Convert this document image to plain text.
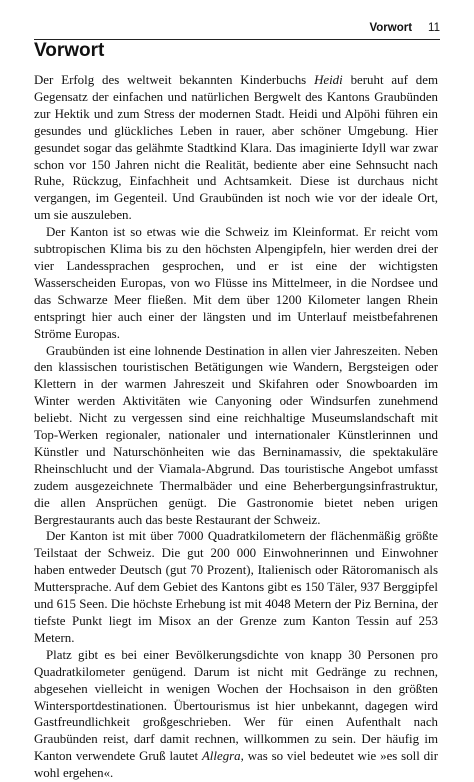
Vorwort 11
Vorwort

Der Erfolg des weltweit bekannten Kinderbuchs Heidi beruht auf dem Gegensatz der einfachen und natürlichen Bergwelt des Kantons Graubünden zur Hektik und zum Stress der modernen Stadt. Heidi und Alpöhi führen ein gesundes und glückliches Leben in rauer, aber schöner Umgebung. Hier gesundet sogar das gelähmte Stadtkind Klara. Das imaginierte Idyll war zwar schon vor 150 Jahren nicht die Realität, bediente aber eine Sehnsucht nach Ruhe, Rückzug, Einfachheit und Achtsamkeit. Diese ist durchaus nicht vergangen, im Gegenteil. Und Graubünden ist noch wie vor der ideale Ort, um sie auszuleben.

Der Kanton ist so etwas wie die Schweiz im Kleinformat. Er reicht vom subtropischen Klima bis zu den höchsten Alpengipfeln, hier werden drei der vier Landessprachen gesprochen, und er ist eine der wichtigsten Wasserscheiden Europas, von wo Flüsse ins Mittelmeer, in die Nordsee und das Schwarze Meer fließen. Mit dem über 1200 Kilometer langen Rhein entspringt hier auch einer der längsten und im Unterlauf meistbefahrenen Ströme Europas.

Graubünden ist eine lohnende Destination in allen vier Jahreszeiten. Neben den klassischen touristischen Betätigungen wie Wandern, Bergsteigen oder Klettern in der warmen Jahreszeit und Skifahren oder Snowboarden im Winter werden Aktivitäten wie Canyoning oder Windsurfen zunehmend beliebt. Nicht zu vergessen sind eine reichhaltige Museumslandschaft mit Top-Werken regionaler, nationaler und internationaler Künstlerinnen und Künstler und Naturschönheiten wie das Berninamassiv, die spektakuläre Rheinschlucht und der Viamala-Abgrund. Das touristische Angebot umfasst zudem ausgezeichnete Thermalbäder und eine Beherbergungsinfrastruktur, die allen Ansprüchen genügt. Die Gastronomie bietet neben urigen Bergrestaurants auch das beste Restaurant der Schweiz.

Der Kanton ist mit über 7000 Quadratkilometern der flächenmäßig größte Teilstaat der Schweiz. Die gut 200 000 Einwohnerinnen und Einwohner haben entweder Deutsch (gut 70 Prozent), Italienisch oder Rätoromanisch als Muttersprache. Auf dem Gebiet des Kantons gibt es 150 Täler, 937 Berggipfel und 615 Seen. Die höchste Erhebung ist mit 4048 Metern der Piz Bernina, der tiefste Punkt liegt im Misox an der Grenze zum Kanton Tessin auf 253 Metern.

Platz gibt es bei einer Bevölkerungsdichte von knapp 30 Personen pro Quadratkilometer genügend. Darum ist nicht mit Gedränge zu rechnen, abgesehen vielleicht in wenigen Wochen der Hochsaison in den größten Wintersportdestinationen. Übertourismus ist hier unbekannt, dagegen wird Gastfreundlichkeit großgeschrieben. Wer für einen Aufenthalt nach Graubünden reist, darf damit rechnen, willkommen zu sein. Der häufig im Kanton verwendete Gruß lautet Allegra, was so viel bedeutet wie »es soll dir wohl ergehen«.
